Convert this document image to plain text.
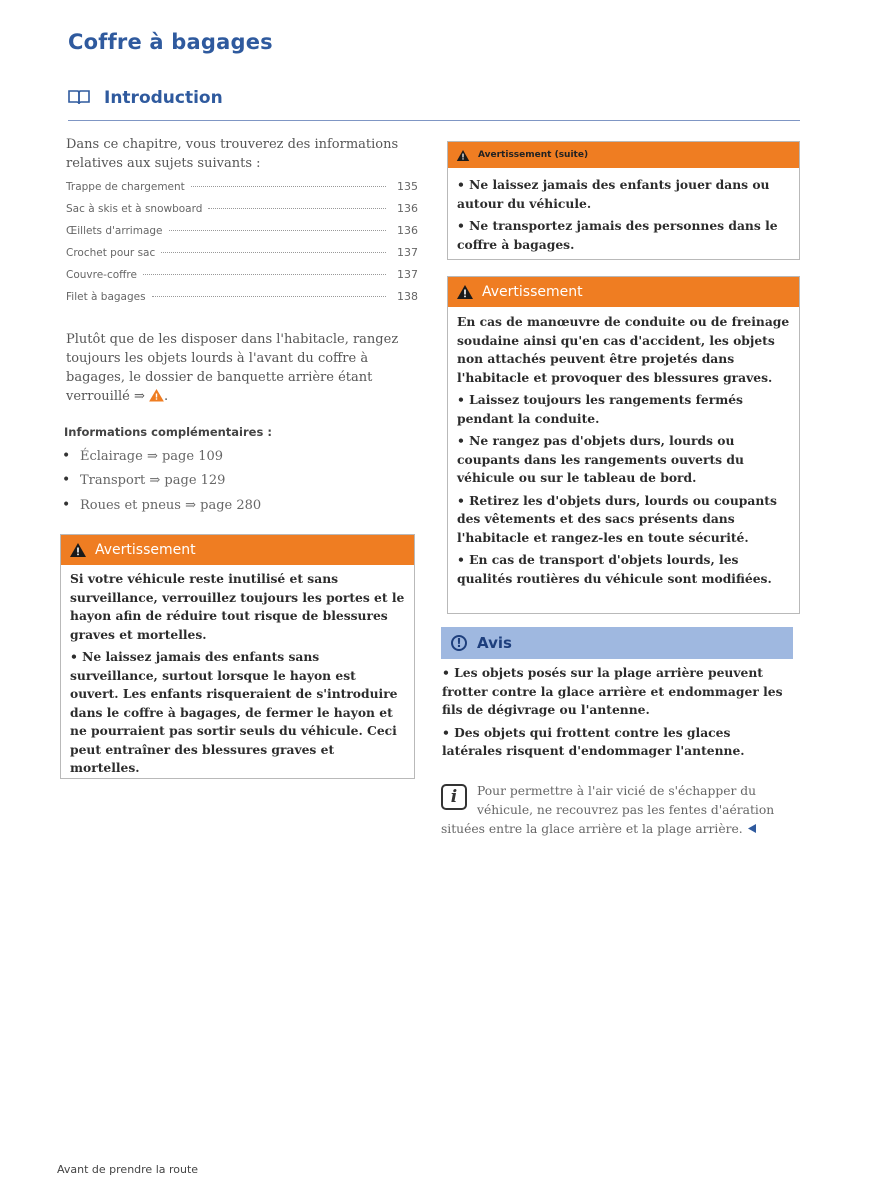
Coffre à bagages
Introduction
Dans ce chapitre, vous trouverez des informations relatives aux sujets suivants :
Trappe de chargement	135
Sac à skis et à snowboard	136
Œillets d'arrimage	136
Crochet pour sac	137
Couvre-coffre	137
Filet à bagages	138
Plutôt que de les disposer dans l'habitacle, rangez toujours les objets lourds à l'avant du coffre à bagages, le dossier de banquette arrière étant verrouillé ⇒ .
Informations complémentaires :
• Éclairage ⇒ page 109
• Transport ⇒ page 129
• Roues et pneus ⇒ page 280
Avertissement

Si votre véhicule reste inutilisé et sans surveillance, verrouillez toujours les portes et le hayon afin de réduire tout risque de blessures graves et mortelles.

• Ne laissez jamais des enfants sans surveillance, surtout lorsque le hayon est ouvert. Les enfants risqueraient de s'introduire dans le coffre à bagages, de fermer le hayon et ne pourraient pas sortir seuls du véhicule. Ceci peut entraîner des blessures graves et mortelles.

Avertissement (suite)

• Ne laissez jamais des enfants jouer dans ou autour du véhicule.

• Ne transportez jamais des personnes dans le coffre à bagages.

Avertissement

En cas de manœuvre de conduite ou de freinage soudaine ainsi qu'en cas d'accident, les objets non attachés peuvent être projetés dans l'habitacle et provoquer des blessures graves.

• Laissez toujours les rangements fermés pendant la conduite.

• Ne rangez pas d'objets durs, lourds ou coupants dans les rangements ouverts du véhicule ou sur le tableau de bord.

• Retirez les d'objets durs, lourds ou coupants des vêtements et des sacs présents dans l'habitacle et rangez-les en toute sécurité.

• En cas de transport d'objets lourds, les qualités routières du véhicule sont modifiées.

!	Avis

• Les objets posés sur la plage arrière peuvent frotter contre la glace arrière et endommager les fils de dégivrage ou l'antenne.

• Des objets qui frottent contre les glaces latérales risquent d'endommager l'antenne.

i	Pour permettre à l'air vicié de s'échapper du véhicule, ne recouvrez pas les fentes d'aération situées entre la glace arrière et la plage arrière.
Avant de prendre la route
